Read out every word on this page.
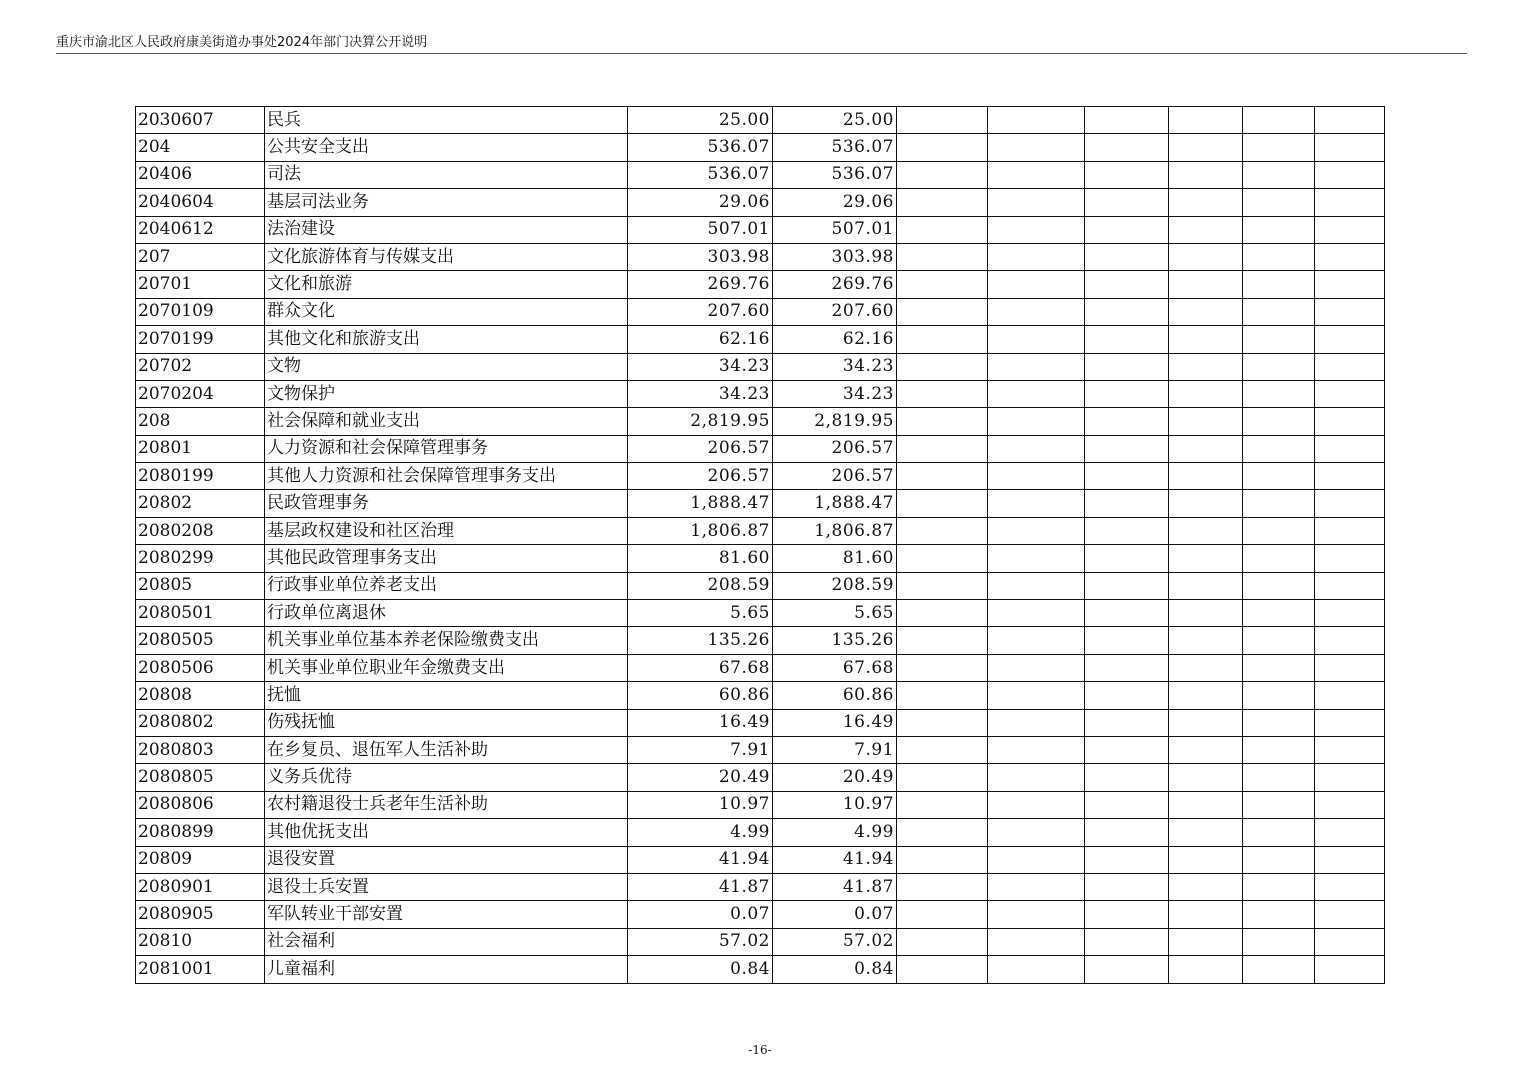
重庆市渝北区人民政府康美街道办事处2024年部门决算公开说明
2030607	民兵	25.00	25.00						
204	公共安全支出	536.07	536.07						
20406	司法	536.07	536.07						
2040604	基层司法业务	29.06	29.06						
2040612	法治建设	507.01	507.01						
207	文化旅游体育与传媒支出	303.98	303.98						
20701	文化和旅游	269.76	269.76						
2070109	群众文化	207.60	207.60						
2070199	其他文化和旅游支出	62.16	62.16						
20702	文物	34.23	34.23						
2070204	文物保护	34.23	34.23						
208	社会保障和就业支出	2,819.95	2,819.95						
20801	人力资源和社会保障管理事务	206.57	206.57						
2080199	其他人力资源和社会保障管理事务支出	206.57	206.57						
20802	民政管理事务	1,888.47	1,888.47						
2080208	基层政权建设和社区治理	1,806.87	1,806.87						
2080299	其他民政管理事务支出	81.60	81.60						
20805	行政事业单位养老支出	208.59	208.59						
2080501	行政单位离退休	5.65	5.65						
2080505	机关事业单位基本养老保险缴费支出	135.26	135.26						
2080506	机关事业单位职业年金缴费支出	67.68	67.68						
20808	抚恤	60.86	60.86						
2080802	伤残抚恤	16.49	16.49						
2080803	在乡复员、退伍军人生活补助	7.91	7.91						
2080805	义务兵优待	20.49	20.49						
2080806	农村籍退役士兵老年生活补助	10.97	10.97						
2080899	其他优抚支出	4.99	4.99						
20809	退役安置	41.94	41.94						
2080901	退役士兵安置	41.87	41.87						
2080905	军队转业干部安置	0.07	0.07						
20810	社会福利	57.02	57.02						
2081001	儿童福利	0.84	0.84						
-16-
